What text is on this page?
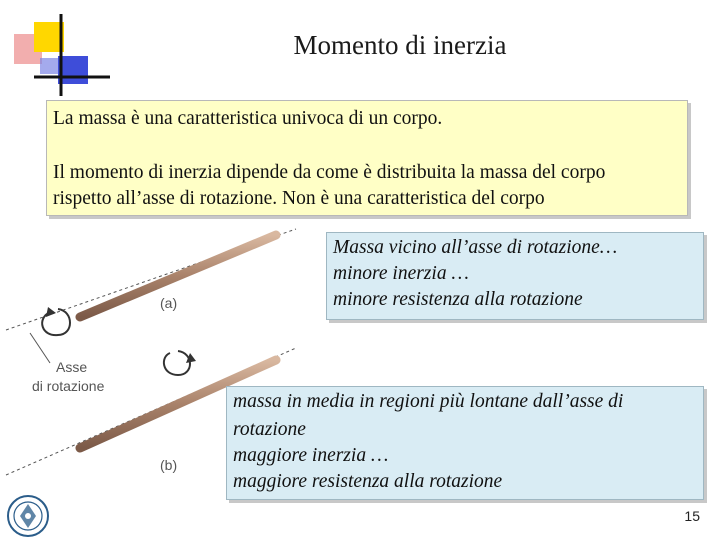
Momento di inerzia

La massa è una caratteristica univoca di un corpo.

Il momento di inerzia dipende da come è distribuita la massa del corpo

rispetto all’asse di rotazione. Non è una caratteristica del corpo

(a)
(b)
Asse
di rotazione

Massa vicino all’asse di rotazione…

minore inerzia …

minore resistenza alla rotazione

massa in media in regioni più lontane dall’asse di

rotazione

maggiore inerzia …

maggiore resistenza alla rotazione

15
